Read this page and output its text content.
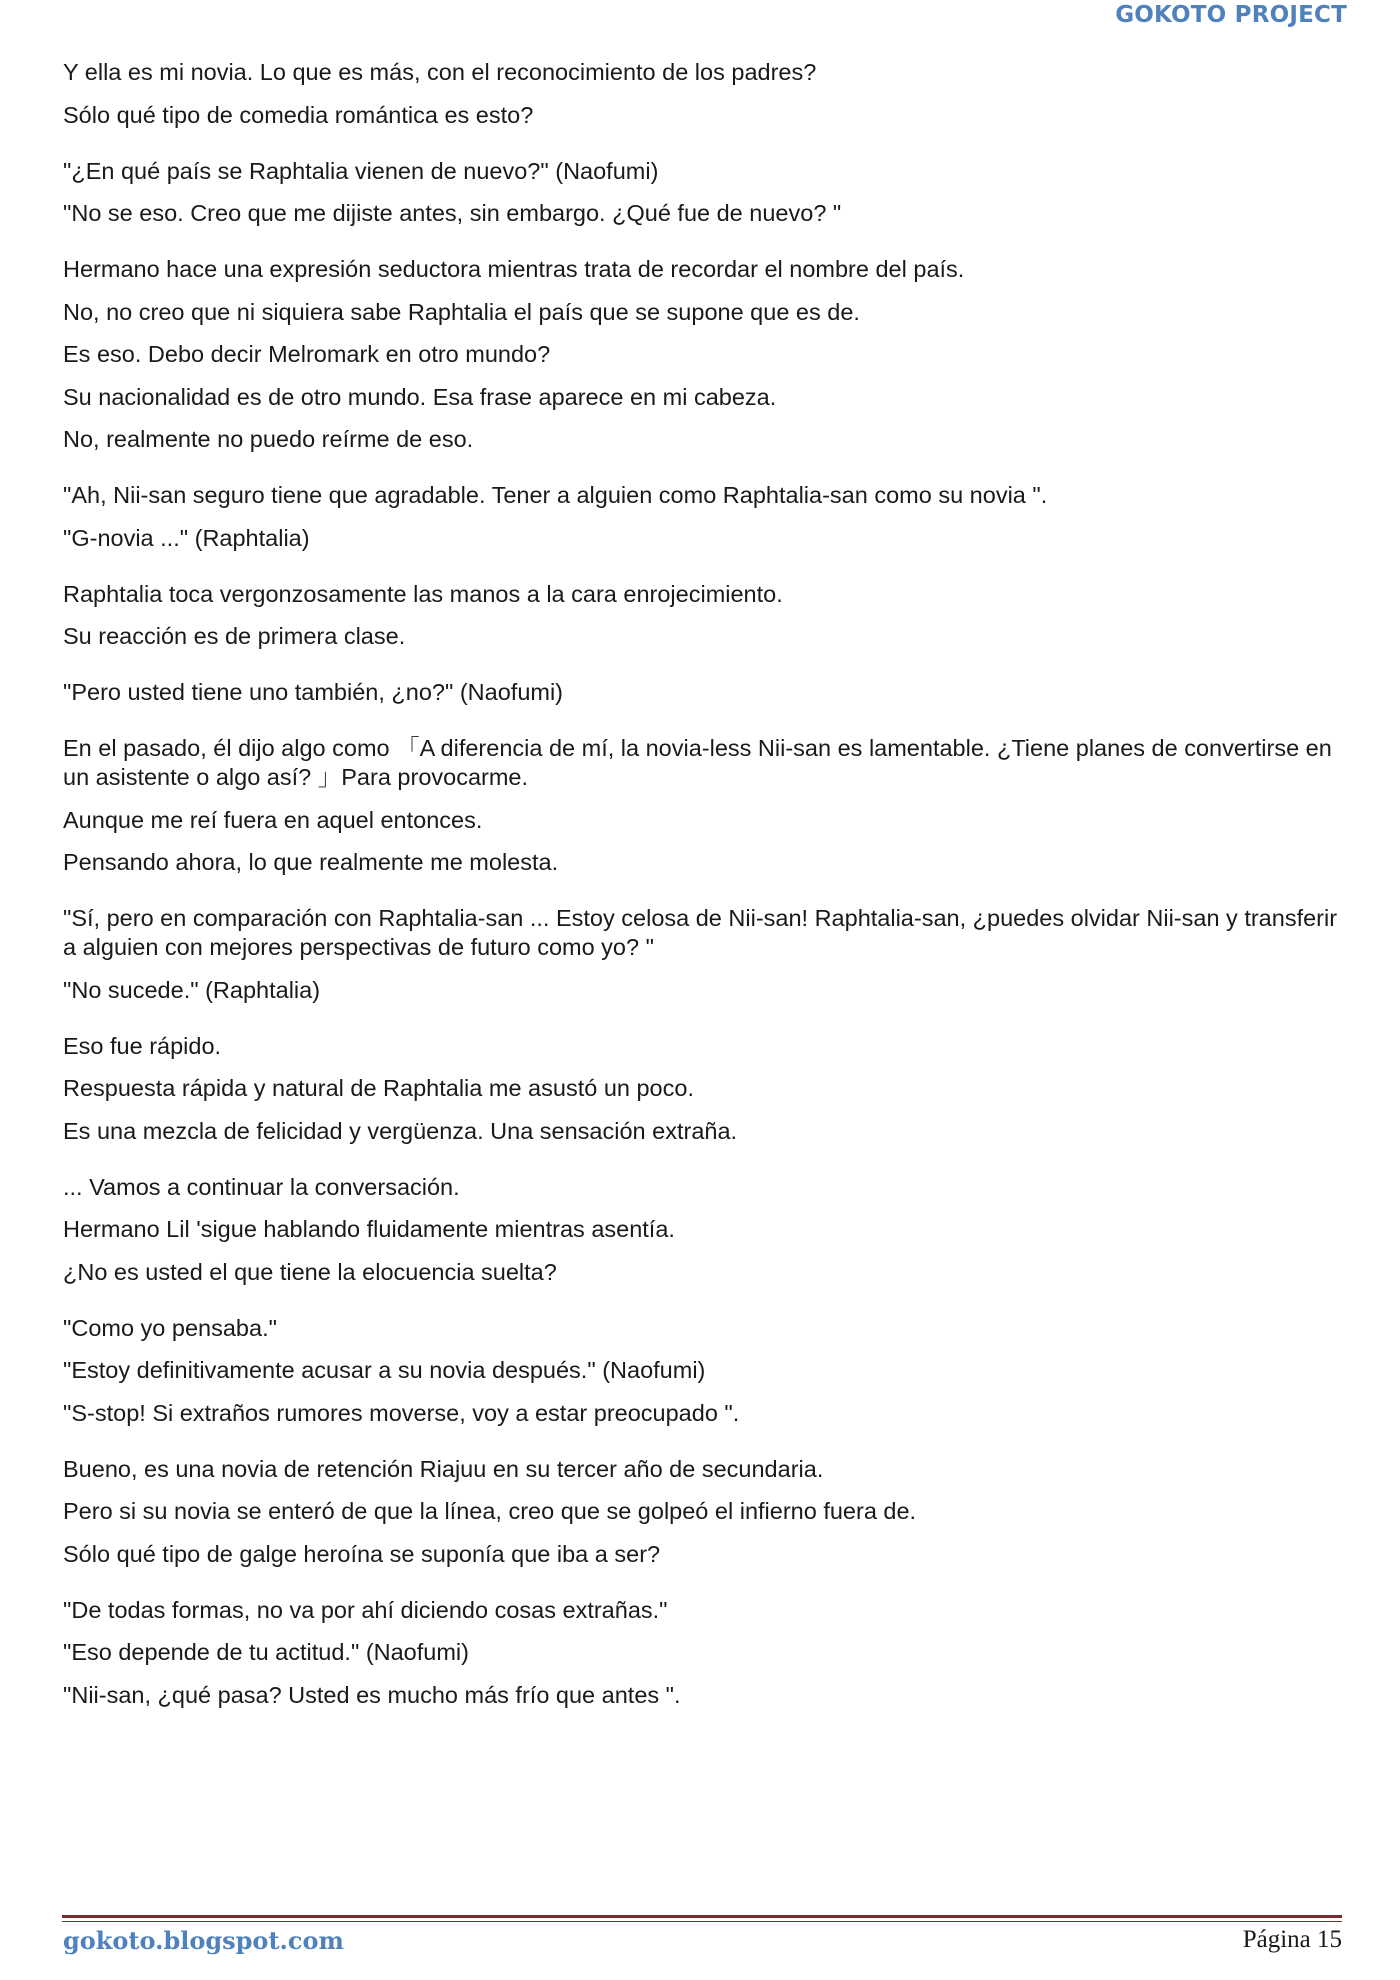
GOKOTO PROJECT
Y ella es mi novia. Lo que es más, con el reconocimiento de los padres?
Sólo qué tipo de comedia romántica es esto?
"¿En qué país se Raphtalia vienen de nuevo?" (Naofumi)
"No se eso. Creo que me dijiste antes, sin embargo. ¿Qué fue de nuevo? "
Hermano hace una expresión seductora mientras trata de recordar el nombre del país.
No, no creo que ni siquiera sabe Raphtalia el país que se supone que es de.
Es eso. Debo decir Melromark en otro mundo?
Su nacionalidad es de otro mundo. Esa frase aparece en mi cabeza.
No, realmente no puedo reírme de eso.
"Ah, Nii-san seguro tiene que agradable. Tener a alguien como Raphtalia-san como su novia ".
"G-novia ..." (Raphtalia)
Raphtalia toca vergonzosamente las manos a la cara enrojecimiento.
Su reacción es de primera clase.
"Pero usted tiene uno también, ¿no?" (Naofumi)
En el pasado, él dijo algo como 「A diferencia de mí, la novia-less Nii-san es lamentable. ¿Tiene planes de convertirse en un asistente o algo así? 」Para provocarme.
Aunque me reí fuera en aquel entonces.
Pensando ahora, lo que realmente me molesta.
"Sí, pero en comparación con Raphtalia-san ... Estoy celosa de Nii-san! Raphtalia-san, ¿puedes olvidar Nii-san y transferir a alguien con mejores perspectivas de futuro como yo? "
"No sucede." (Raphtalia)
Eso fue rápido.
Respuesta rápida y natural de Raphtalia me asustó un poco.
Es una mezcla de felicidad y vergüenza. Una sensación extraña.
... Vamos a continuar la conversación.
Hermano Lil 'sigue hablando fluidamente mientras asentía.
¿No es usted el que tiene la elocuencia suelta?
"Como yo pensaba."
"Estoy definitivamente acusar a su novia después." (Naofumi)
"S-stop! Si extraños rumores moverse, voy a estar preocupado ".
Bueno, es una novia de retención Riajuu en su tercer año de secundaria.
Pero si su novia se enteró de que la línea, creo que se golpeó el infierno fuera de.
Sólo qué tipo de galge heroína se suponía que iba a ser?
"De todas formas, no va por ahí diciendo cosas extrañas."
"Eso depende de tu actitud." (Naofumi)
"Nii-san, ¿qué pasa? Usted es mucho más frío que antes ".
gokoto.blogspot.com	Página 15
